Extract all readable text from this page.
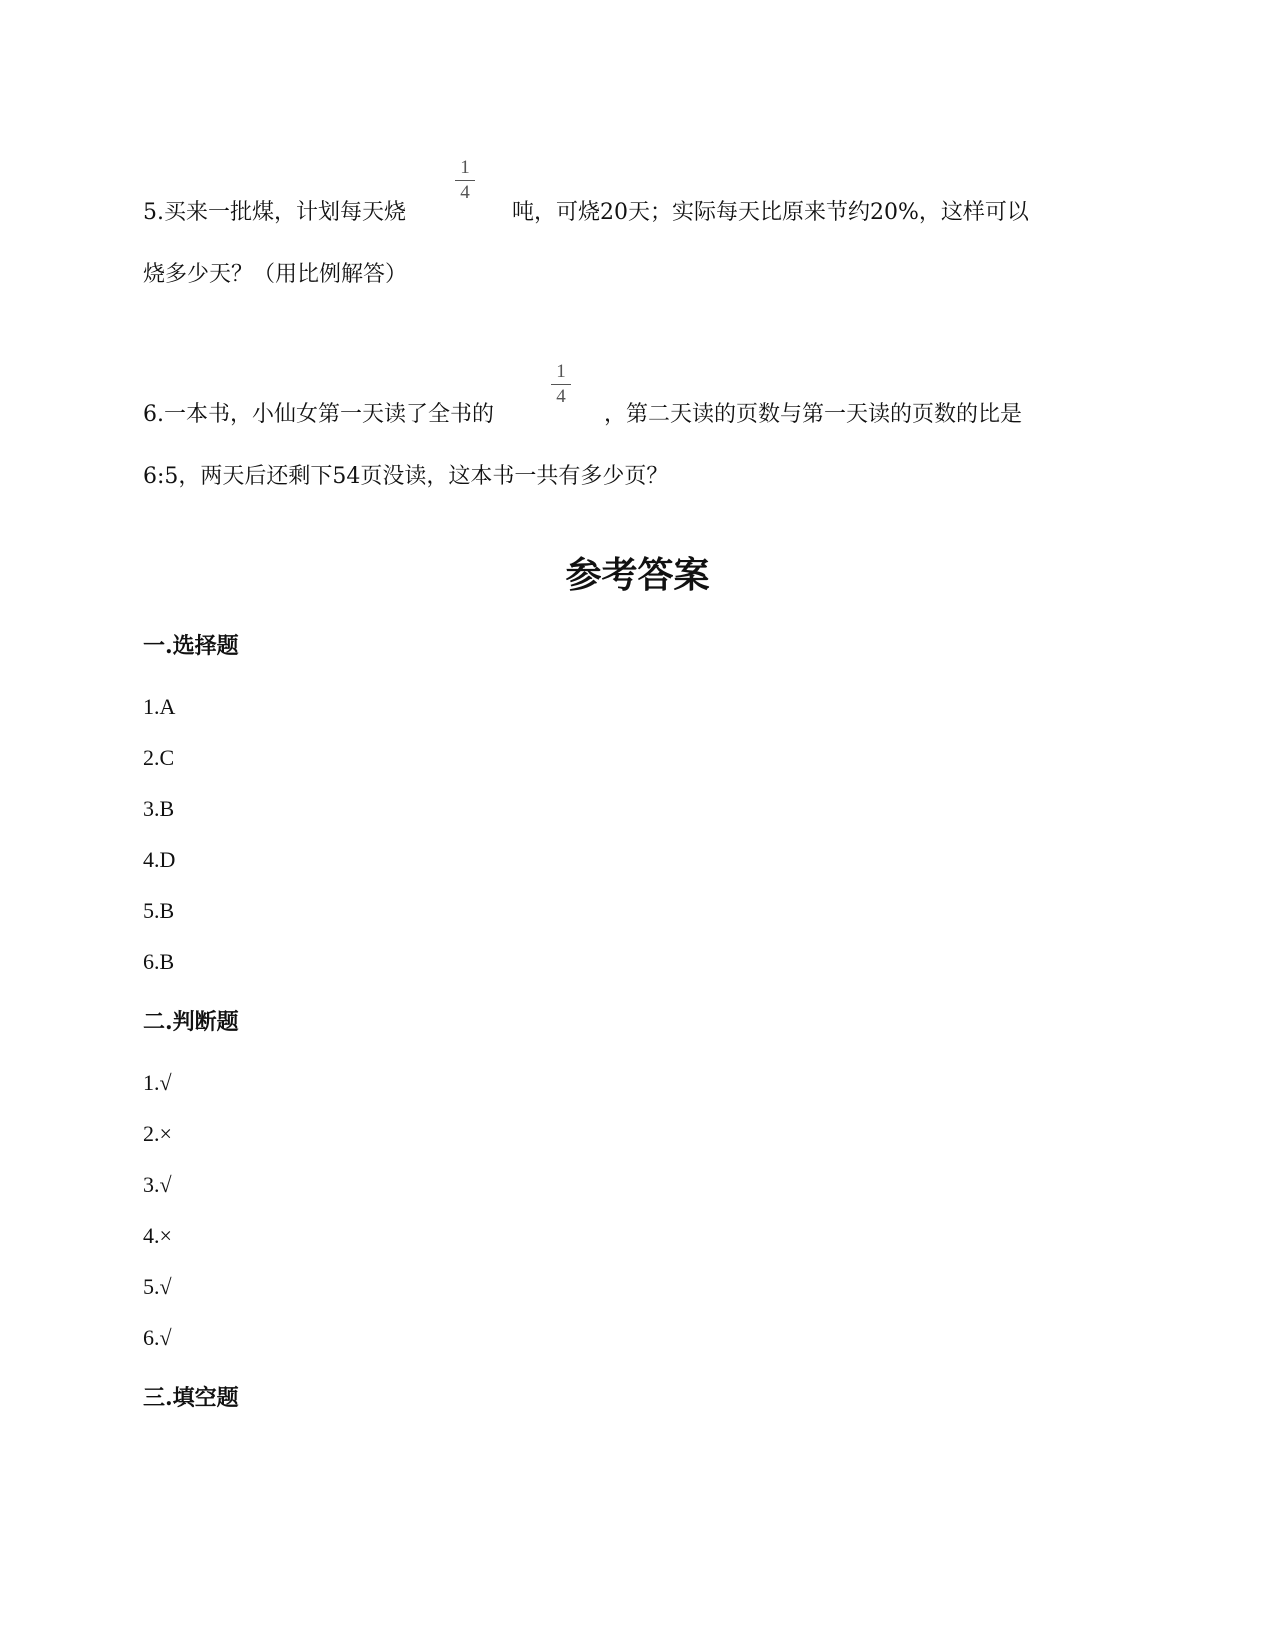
1
4
5.买来一批煤，计划每天烧	吨，可烧20天；实际每天比原来节约20%，这样可以
烧多少天？（用比例解答）
1
4
6.一本书，小仙女第一天读了全书的	，第二天读的页数与第一天读的页数的比是
6:5，两天后还剩下54页没读，这本书一共有多少页？
参考答案
一.选择题
1.A
2.C
3.B
4.D
5.B
6.B
二.判断题
1.√
2.×
3.√
4.×
5.√
6.√
三.填空题
